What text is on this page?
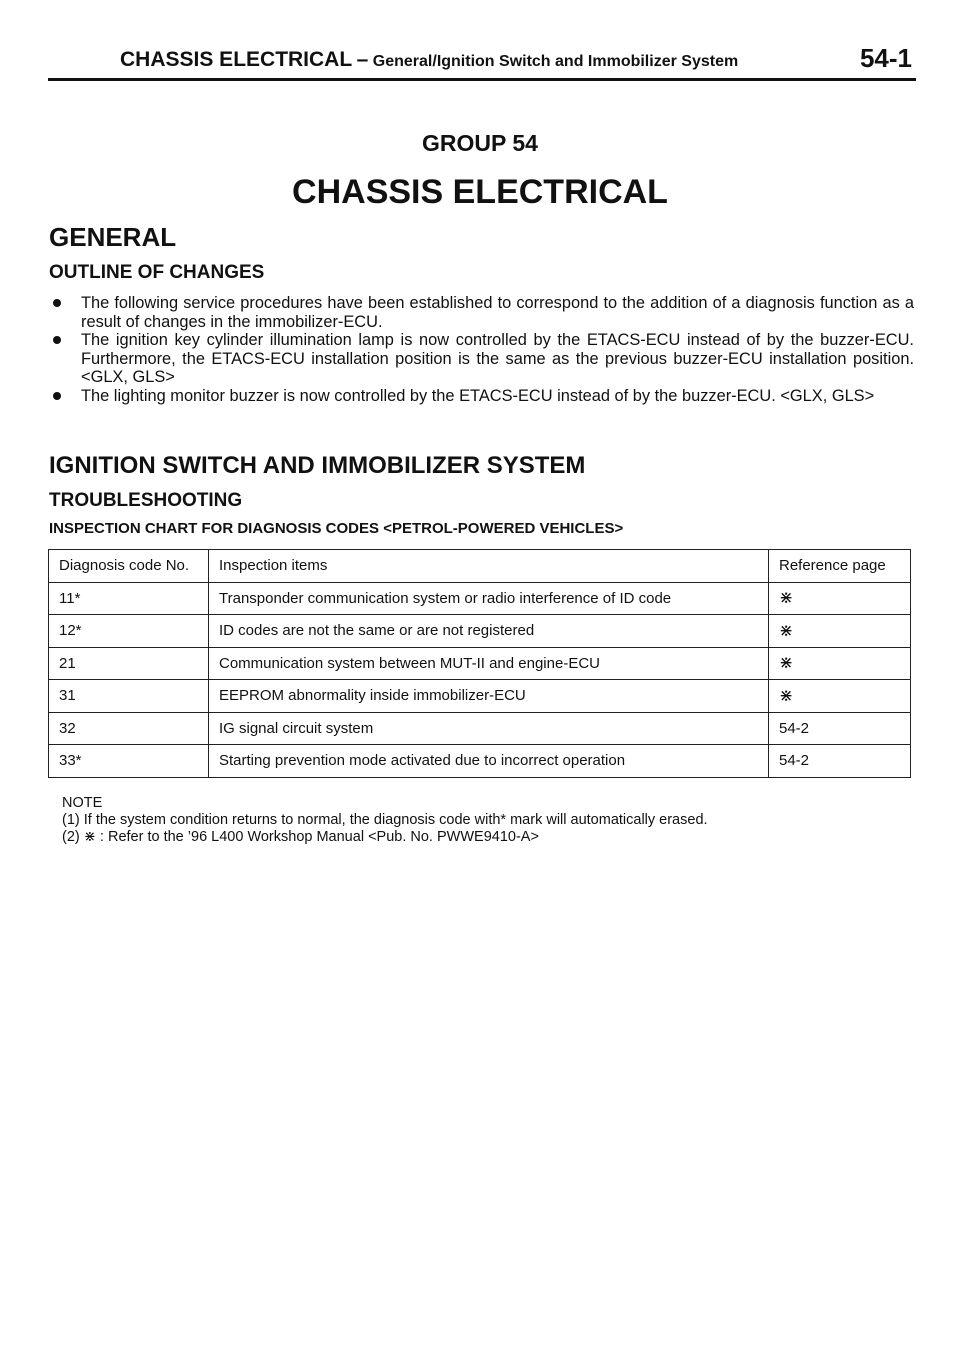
CHASSIS ELECTRICAL – General/Ignition Switch and Immobilizer System	54-1
GROUP 54
CHASSIS ELECTRICAL
GENERAL
OUTLINE OF CHANGES
The following service procedures have been established to correspond to the addition of a diagnosis function as a result of changes in the immobilizer-ECU.
The ignition key cylinder illumination lamp is now controlled by the ETACS-ECU instead of by the buzzer-ECU. Furthermore, the ETACS-ECU installation position is the same as the previous buzzer-ECU installation position. <GLX, GLS>
The lighting monitor buzzer is now controlled by the ETACS-ECU instead of by the buzzer-ECU. <GLX, GLS>
IGNITION SWITCH AND IMMOBILIZER SYSTEM
TROUBLESHOOTING
INSPECTION CHART FOR DIAGNOSIS CODES <PETROL-POWERED VEHICLES>
Diagnosis code No.	Inspection items	Reference page
11*	Transponder communication system or radio interference of ID code	⋇
12*	ID codes are not the same or are not registered	⋇
21	Communication system between MUT-II and engine-ECU	⋇
31	EEPROM abnormality inside immobilizer-ECU	⋇
32	IG signal circuit system	54-2
33*	Starting prevention mode activated due to incorrect operation	54-2
NOTE
(1) If the system condition returns to normal, the diagnosis code with* mark will automatically erased.
(2) ⋇ : Refer to the ’96 L400 Workshop Manual <Pub. No. PWWE9410-A>
